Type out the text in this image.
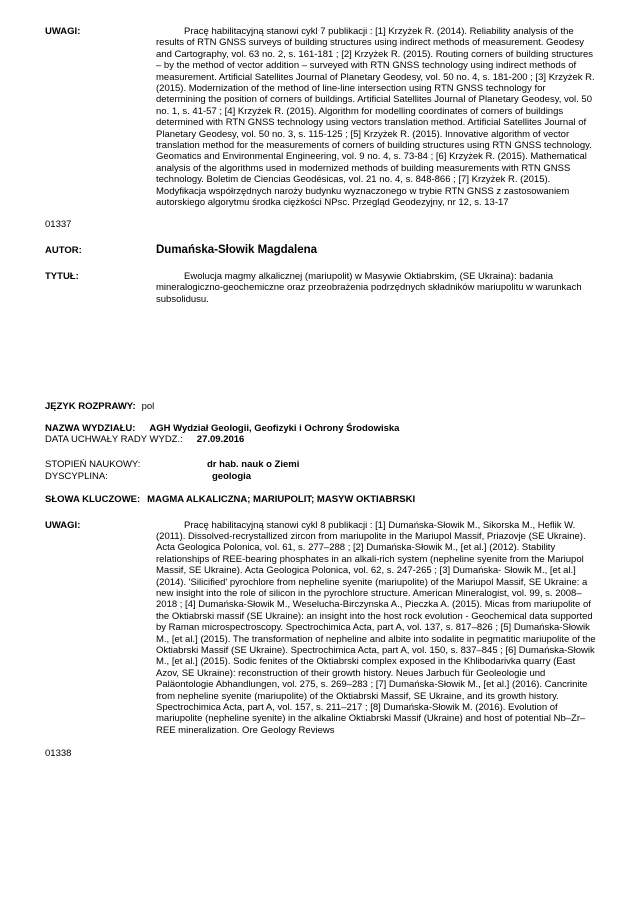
UWAGI:	Pracę habilitacyjną stanowi cykl 7 publikacji : [1] Krzyżek R. (2014). Reliability analysis of the results of RTN GNSS surveys of building structures using indirect methods of measurement. Geodesy and Cartography, vol. 63 no. 2, s. 161-181 ; [2] Krzyżek R. (2015). Routing corners of building structures – by the method of vector addition – surveyed with RTN GNSS technology using indirect methods of measurement. Artificial Satellites Journal of Planetary Geodesy, vol. 50 no. 4, s. 181-200 ; [3] Krzyżek R. (2015). Modernization of the method of line-line intersection using RTN GNSS technology for determining the position of corners of buildings. Artificial Satellites Journal of Planetary Geodesy, vol. 50 no. 1, s. 41-57 ; [4] Krzyżek R. (2015). Algorithm for modelling coordinates of corners of buildings determined with RTN GNSS technology using vectors translation method. Artificial Satellites Journal of Planetary Geodesy, vol. 50 no. 3, s. 115-125 ; [5] Krzyżek R. (2015). Innovative algorithm of vector translation method for the measurements of corners of building structures using RTN GNSS technology. Geomatics and Environmental Engineering, vol. 9 no. 4, s. 73-84 ; [6] Krzyżek R. (2015). Mathematical analysis of the algorithms used in modernized methods of building measurements with RTN GNSS technology. Boletim de Ciencias Geodésicas, vol. 21 no. 4, s. 848-866 ; [7] Krzyżek R. (2015). Modyfikacja współrzędnych naroży budynku wyznaczonego w trybie RTN GNSS z zastosowaniem autorskiego algorytmu środka ciężkości NPsc. Przegląd Geodezyjny, nr 12, s. 13-17
01337
AUTOR:	Dumańska-Słowik Magdalena
TYTUŁ:	Ewolucja magmy alkalicznej (mariupolit) w Masywie Oktiabrskim, (SE Ukraina): badania mineralogiczno-geochemiczne oraz przeobrażenia podrzędnych składników mariupolitu w warunkach subsolidusu.
JĘZYK ROZPRAWY: pol
NAZWA WYDZIAŁU: AGH Wydział Geologii, Geofizyki i Ochrony Środowiska
DATA UCHWAŁY RADY WYDZ.: 27.09.2016
STOPIEŃ NAUKOWY:	dr hab. nauk o Ziemi
DYSCYPLINA:	geologia
SŁOWA KLUCZOWE: MAGMA ALKALICZNA; MARIUPOLIT; MASYW OKTIABRSKI
UWAGI:	Pracę habilitacyjną stanowi cykl 8 publikacji : [1] Dumańska-Słowik M., Sikorska M., Heflik W. (2011). Dissolved-recrystallized zircon from mariupolite in the Mariupol Massif, Priazovje (SE Ukraine). Acta Geologica Polonica, vol. 61, s. 277–288 ; [2] Dumańska-Słowik M., [et al.] (2012). Stability relationships of REE-bearing phosphates in an alkali-rich system (nepheline syenite from the Mariupol Massif, SE Ukraine). Acta Geologica Polonica, vol. 62, s. 247-265 ; [3] Dumańska- Słowik M., [et al.] (2014). 'Silicified' pyrochlore from nepheline syenite (mariupolite) of the Mariupol Massif, SE Ukraine: a new insight into the role of silicon in the pyrochlore structure. American Mineralogist, vol. 99, s. 2008–2018 ; [4] Dumańska-Słowik M., Weselucha-Birczynska A., Pieczka A. (2015). Micas from mariupolite of the Oktiabrski massif (SE Ukraine): an insight into the host rock evolution - Geochemical data supported by Raman microspectroscopy. Spectrochimica Acta, part A, vol. 137, s. 817–826 ; [5] Dumańska-Słowik M., [et al.] (2015). The transformation of nepheline and albite into sodalite in pegmatitic mariupolite of the Oktiabrski Massif (SE Ukraine). Spectrochimica Acta, part A, vol. 150, s. 837–845 ; [6] Dumańska-Słowik M., [et al.] (2015). Sodic fenites of the Oktiabrski complex exposed in the Khlibodarivka quarry (East Azov, SE Ukraine): reconstruction of their growth history. Neues Jarbuch für Geoleologie und Paläontologie Abhandlungen, vol. 275, s. 269–283 ; [7] Dumańska-Słowik M., [et al.] (2016). Cancrinite from nepheline syenite (mariupolite) of the Oktiabrski Massif, SE Ukraine, and its growth history. Spectrochimica Acta, part A, vol. 157, s. 211–217 ; [8] Dumańska-Słowik M. (2016). Evolution of mariupolite (nepheline syenite) in the alkaline Oktiabrski Massif (Ukraine) and host of potential Nb–Zr–REE mineralization. Ore Geology Reviews
01338
